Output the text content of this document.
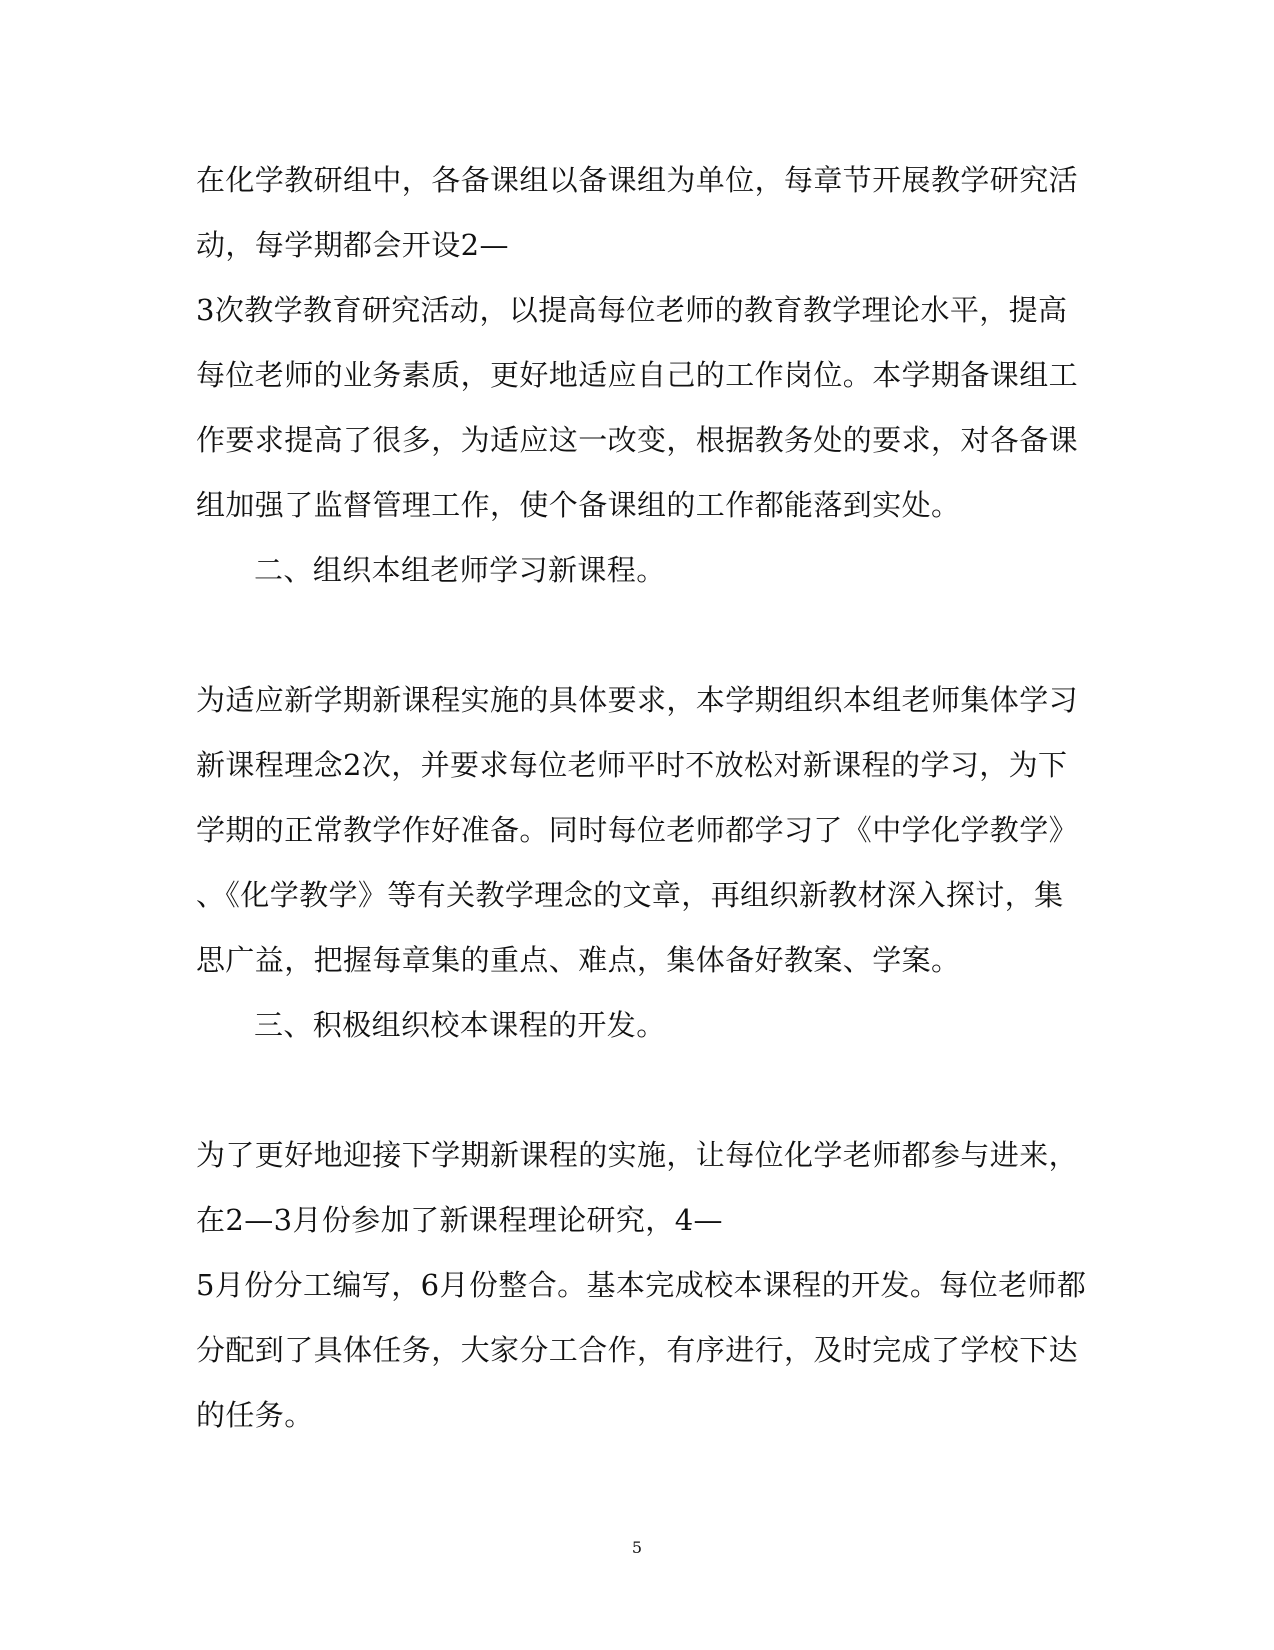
在化学教研组中，各备课组以备课组为单位，每章节开展教学研究活
动，每学期都会开设2—
3次教学教育研究活动，以提高每位老师的教育教学理论水平，提高
每位老师的业务素质，更好地适应自己的工作岗位。本学期备课组工
作要求提高了很多，为适应这一改变，根据教务处的要求，对各备课
组加强了监督管理工作，使个备课组的工作都能落到实处。
二、组织本组老师学习新课程。
为适应新学期新课程实施的具体要求，本学期组织本组老师集体学习
新课程理念2次，并要求每位老师平时不放松对新课程的学习，为下
学期的正常教学作好准备。同时每位老师都学习了《中学化学教学》
、《化学教学》等有关教学理念的文章，再组织新教材深入探讨，集
思广益，把握每章集的重点、难点，集体备好教案、学案。
三、积极组织校本课程的开发。
为了更好地迎接下学期新课程的实施，让每位化学老师都参与进来，
在2—3月份参加了新课程理论研究，4—
5月份分工编写，6月份整合。基本完成校本课程的开发。每位老师都
分配到了具体任务，大家分工合作，有序进行，及时完成了学校下达
的任务。
5
